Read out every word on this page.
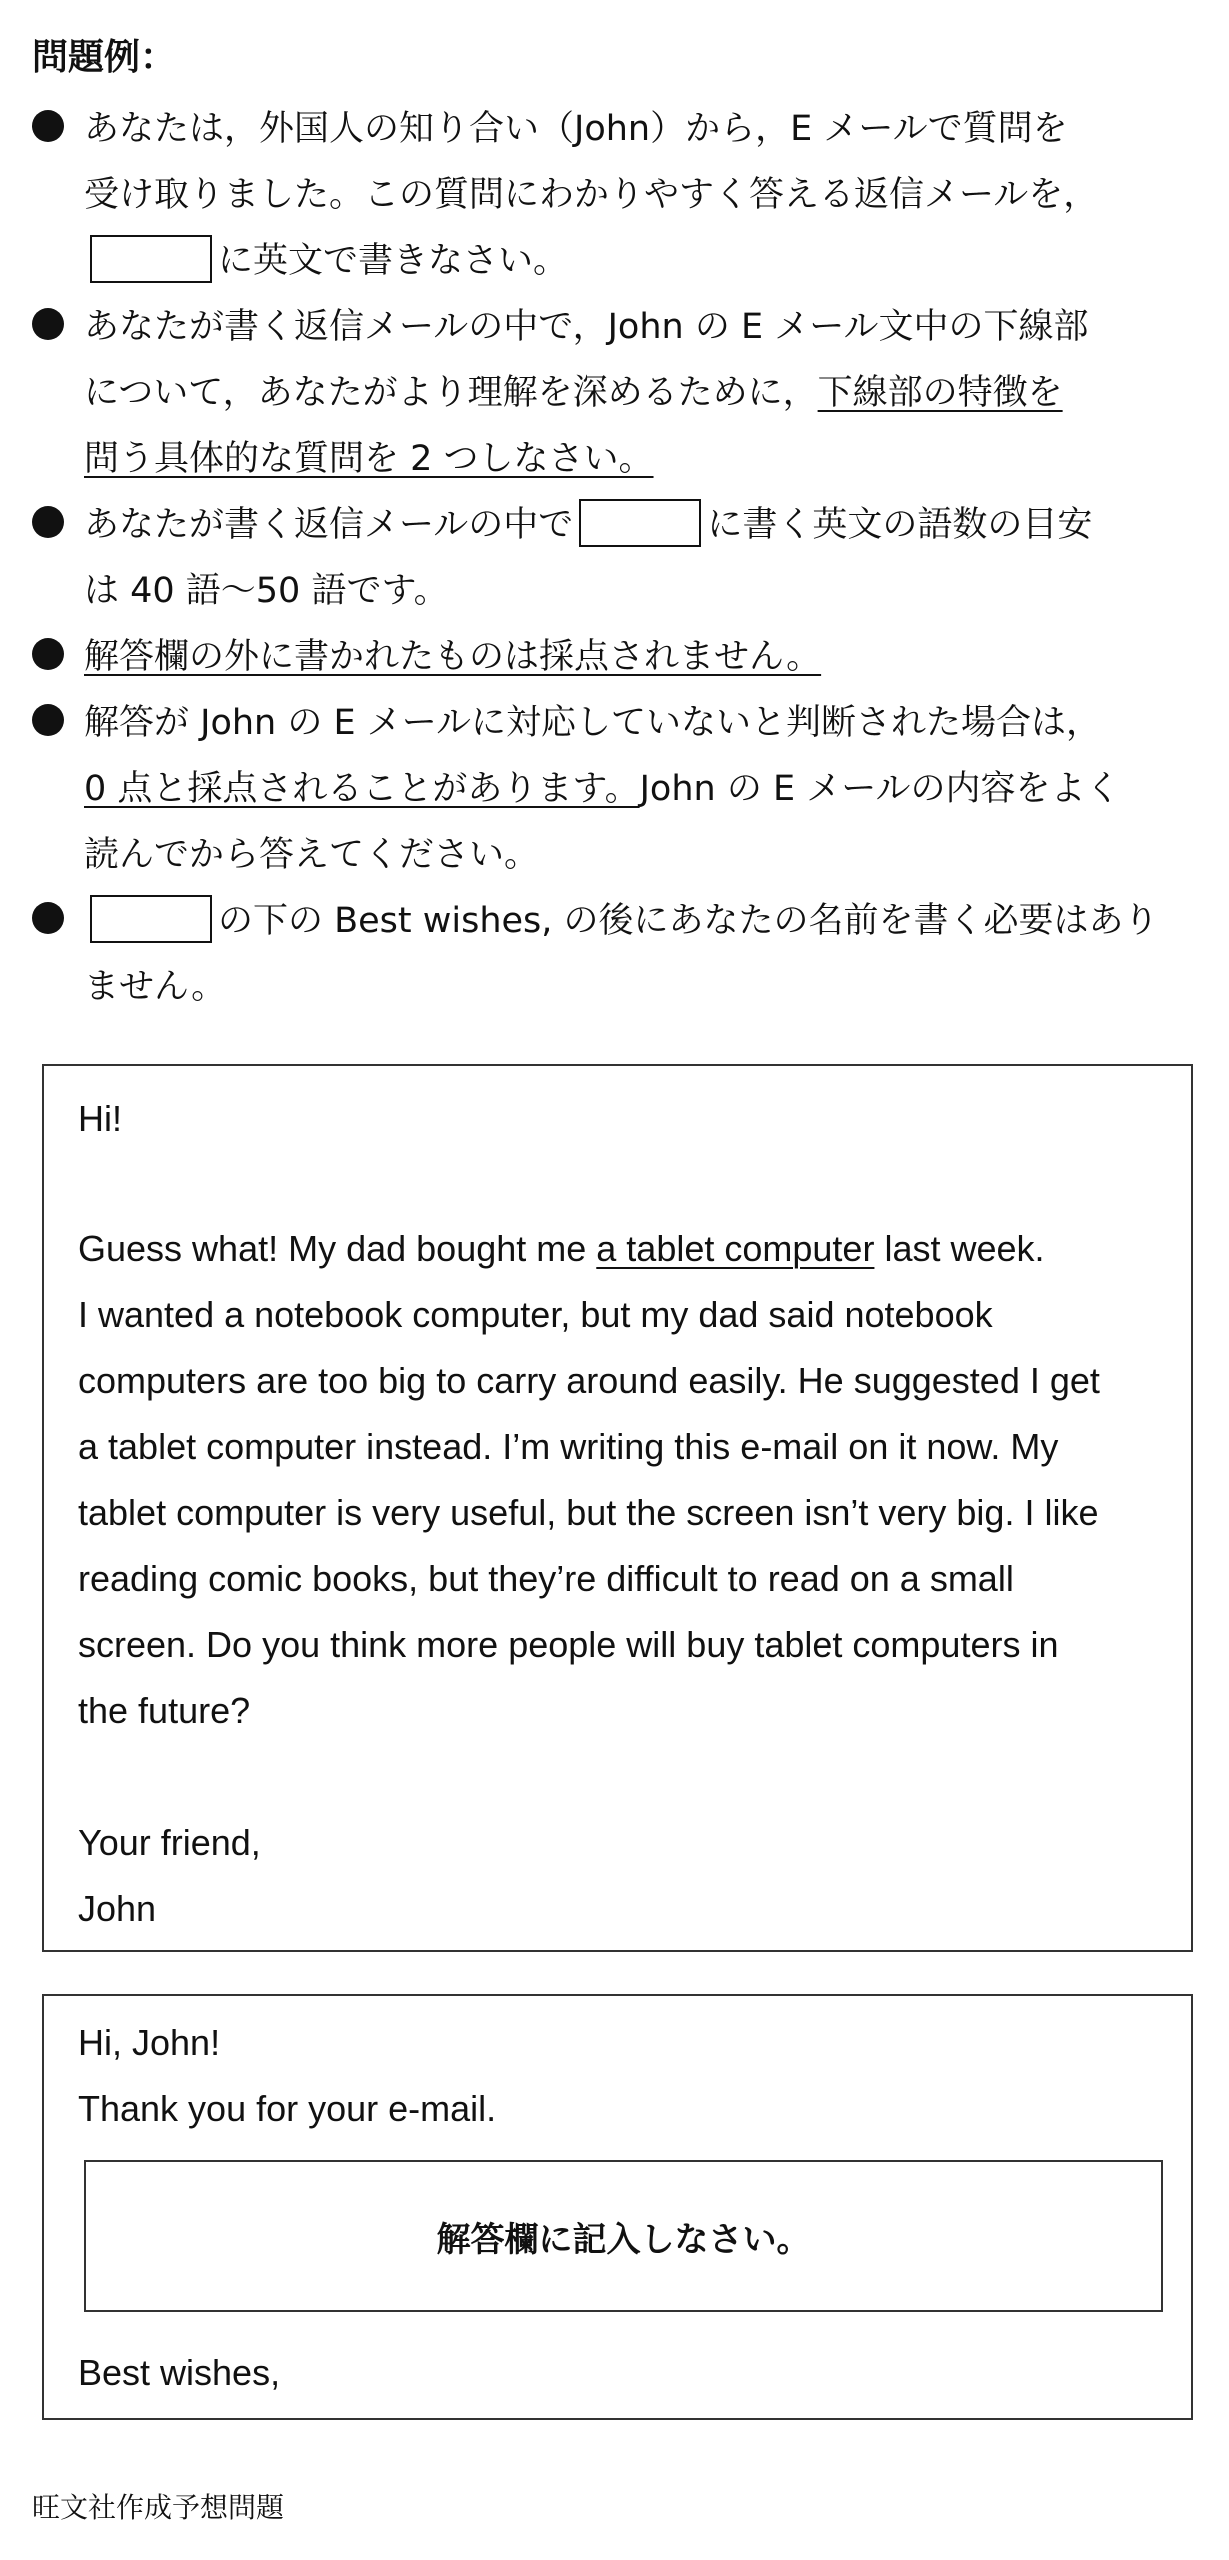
問題例：
あなたは，外国人の知り合い（John）から，E メールで質問を
受け取りました。この質問にわかりやすく答える返信メールを，
に英文で書きなさい。
あなたが書く返信メールの中で，John の E メール文中の下線部
について，あなたがより理解を深めるために，下線部の特徴を
問う具体的な質問を 2 つしなさい。
あなたが書く返信メールの中で	に書く英文の語数の目安
は 40 語～50 語です。
解答欄の外に書かれたものは採点されません。
解答が John の E メールに対応していないと判断された場合は，
0 点と採点されることがあります。John の E メールの内容をよく
読んでから答えてください。
の下の Best wishes, の後にあなたの名前を書く必要はあり
ません。
Hi!
Guess what! My dad bought me a tablet computer last week.
I wanted a notebook computer, but my dad said notebook
computers are too big to carry around easily. He suggested I get
a tablet computer instead. I’m writing this e-mail on it now. My
tablet computer is very useful, but the screen isn’t very big. I like
reading comic books, but they’re difficult to read on a small
screen. Do you think more people will buy tablet computers in
the future?
Your friend,
John
Hi, John!
Thank you for your e-mail.
解答欄に記入しなさい。
Best wishes,
旺文社作成予想問題
